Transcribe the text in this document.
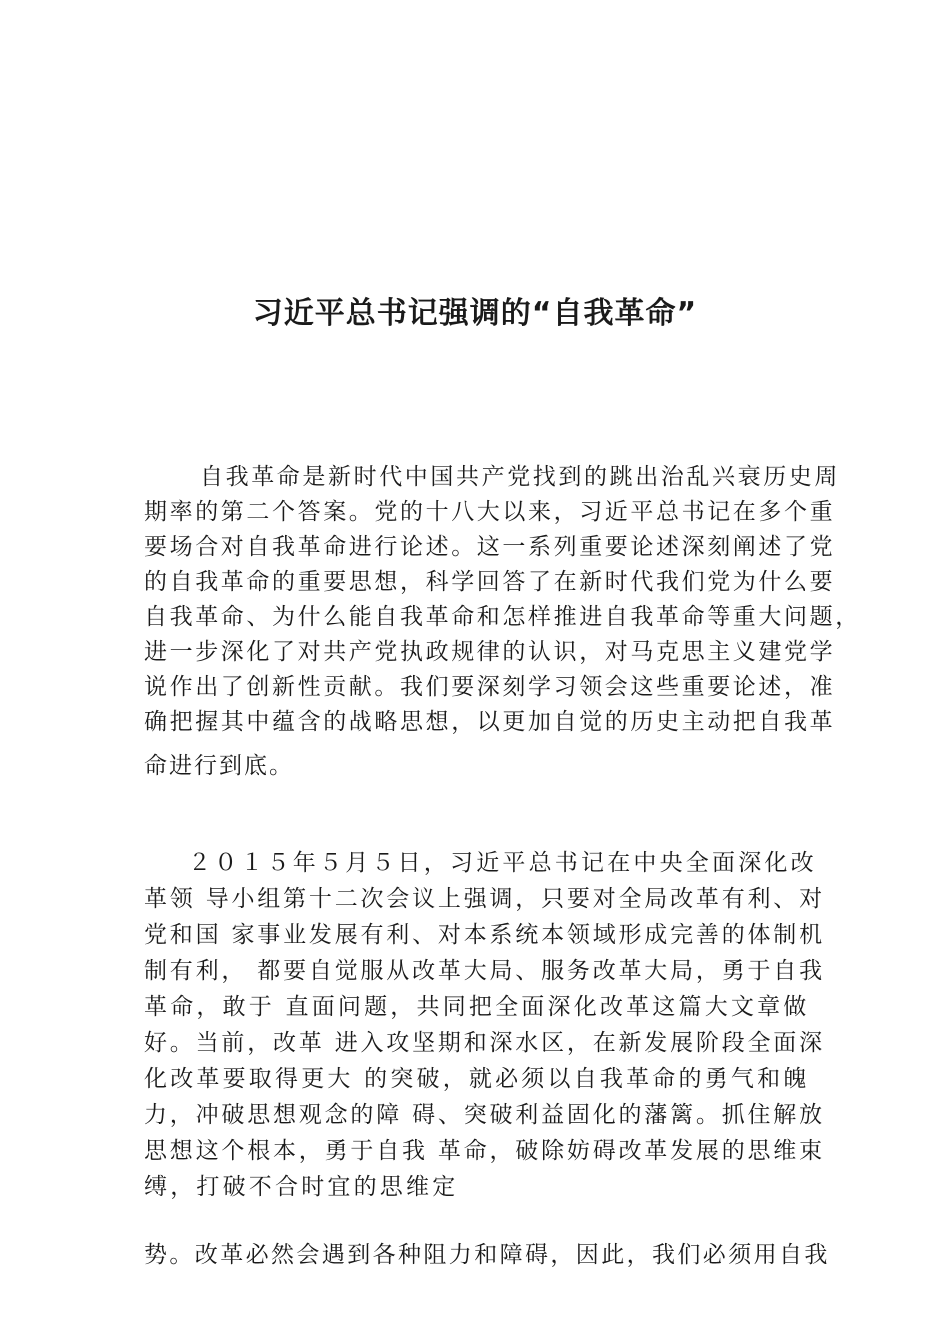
习近平总书记强调的“自我革命”
自我革命是新时代中国共产党找到的跳出治乱兴衰历史周
期率的第二个答案。党的十八大以来，习近平总书记在多个重
要场合对自我革命进行论述。这一系列重要论述深刻阐述了党
的自我革命的重要思想，科学回答了在新时代我们党为什么要
自我革命、为什么能自我革命和怎样推进自我革命等重大问题，
进一步深化了对共产党执政规律的认识，对马克思主义建党学
说作出了创新性贡献。我们要深刻学习领会这些重要论述，准
确把握其中蕴含的战略思想，以更加自觉的历史主动把自我革
命进行到底。
２０１５年５月５日，习近平总书记在中央全面深化改
革领 导小组第十二次会议上强调，只要对全局改革有利、对
党和国 家事业发展有利、对本系统本领域形成完善的体制机
制有利， 都要自觉服从改革大局、服务改革大局，勇于自我
革命，敢于 直面问题，共同把全面深化改革这篇大文章做
好。当前，改革 进入攻坚期和深水区，在新发展阶段全面深
化改革要取得更大 的突破，就必须以自我革命的勇气和魄
力，冲破思想观念的障 碍、突破利益固化的藩篱。抓住解放
思想这个根本，勇于自我 革命，破除妨碍改革发展的思维束
缚，打破不合时宜的思维定
势。改革必然会遇到各种阻力和障碍，因此，我们必须用自我
